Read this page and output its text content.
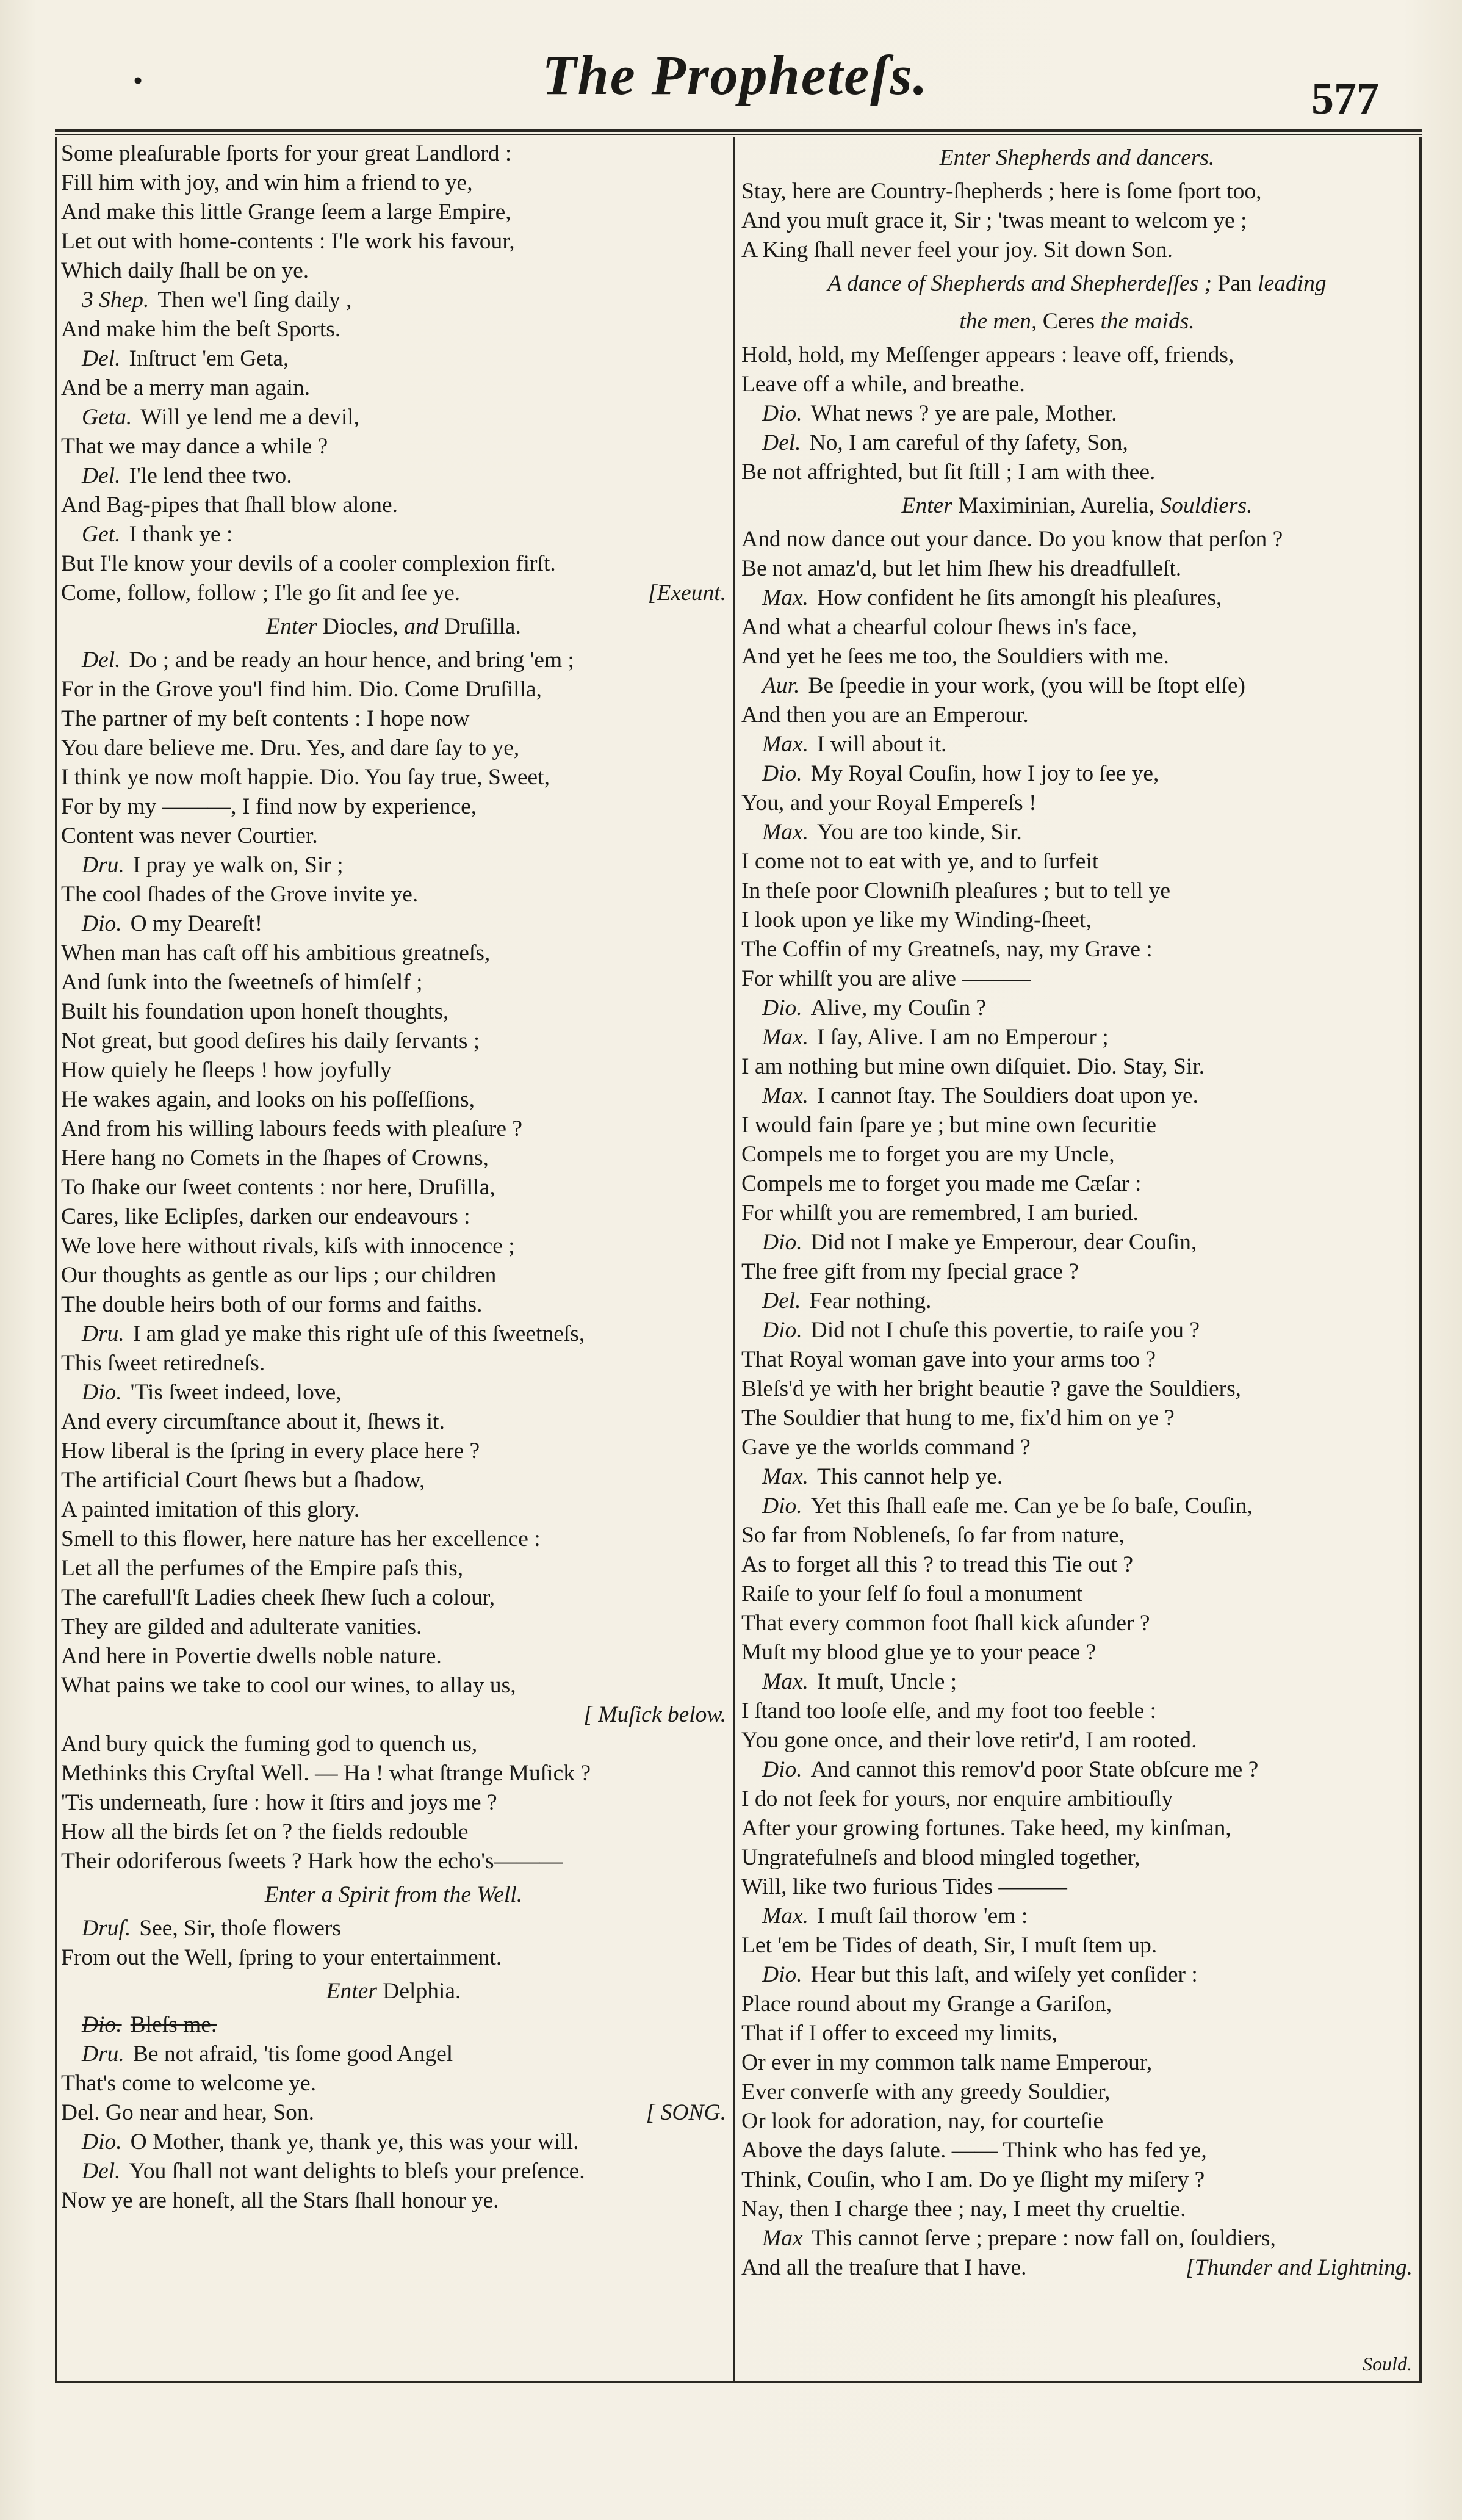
The Propheteſs.	577
•
Some pleaſurable ſports for your great Landlord :
Fill him with joy, and win him a friend to ye,
And make this little Grange ſeem a large Empire,
Let out with home-contents : I'le work his favour,
Which daily ſhall be on ye.
3 Shep. Then we'l ſing daily ,
And make him the beſt Sports.
Del. Inſtruct 'em Geta,
And be a merry man again.
Geta. Will ye lend me a devil,
That we may dance a while ?
Del. I'le lend thee two.
And Bag-pipes that ſhall blow alone.
Get. I thank ye :
But I'le know your devils of a cooler complexion firſt.
Come, follow, follow ; I'le go ſit and ſee ye.	[Exeunt.
Enter Diocles, and Druſilla.
Del. Do ; and be ready an hour hence, and bring 'em ;
For in the Grove you'l find him. Dio. Come Druſilla,
The partner of my beſt contents : I hope now
You dare believe me. Dru. Yes, and dare ſay to ye,
I think ye now moſt happie. Dio. You ſay true, Sweet,
For by my ———, I find now by experience,
Content was never Courtier.
Dru. I pray ye walk on, Sir ;
The cool ſhades of the Grove invite ye.
Dio. O my Deareſt!
When man has caſt off his ambitious greatneſs,
And ſunk into the ſweetneſs of himſelf ;
Built his foundation upon honeſt thoughts,
Not great, but good deſires his daily ſervants ;
How quiely he ſleeps ! how joyfully
He wakes again, and looks on his poſſeſſions,
And from his willing labours feeds with pleaſure ?
Here hang no Comets in the ſhapes of Crowns,
To ſhake our ſweet contents : nor here, Druſilla,
Cares, like Eclipſes, darken our endeavours :
We love here without rivals, kiſs with innocence ;
Our thoughts as gentle as our lips ; our children
The double heirs both of our forms and faiths.
Dru. I am glad ye make this right uſe of this ſweetneſs,
This ſweet retiredneſs.
Dio. 'Tis ſweet indeed, love,
And every circumſtance about it, ſhews it.
How liberal is the ſpring in every place here ?
The artificial Court ſhews but a ſhadow,
A painted imitation of this glory.
Smell to this flower, here nature has her excellence :
Let all the perfumes of the Empire paſs this,
The carefull'ſt Ladies cheek ſhew ſuch a colour,
They are gilded and adulterate vanities.
And here in Povertie dwells noble nature.
What pains we take to cool our wines, to allay us,
[ Muſick below.
And bury quick the fuming god to quench us,
Methinks this Cryſtal Well. — Ha ! what ſtrange Muſick ?
'Tis underneath, ſure : how it ſtirs and joys me ?
How all the birds ſet on ? the fields redouble
Their odoriferous ſweets ? Hark how the echo's———
Enter a Spirit from the Well.
Druſ. See, Sir, thoſe flowers
From out the Well, ſpring to your entertainment.
Enter Delphia.
Dio. Bleſs me.
Dru. Be not afraid, 'tis ſome good Angel
That's come to welcome ye.
Del. Go near and hear, Son.	[ SONG.
Dio. O Mother, thank ye, thank ye, this was your will.
Del. You ſhall not want delights to bleſs your preſence.
Now ye are honeſt, all the Stars ſhall honour ye.
Enter Shepherds and dancers.
Stay, here are Country-ſhepherds ; here is ſome ſport too,
And you muſt grace it, Sir ; 'twas meant to welcom ye ;
A King ſhall never feel your joy. Sit down Son.
A dance of Shepherds and Shepherdeſſes ; Pan leading
the men, Ceres the maids.
Hold, hold, my Meſſenger appears : leave off, friends,
Leave off a while, and breathe.
Dio. What news ? ye are pale, Mother.
Del. No, I am careful of thy ſafety, Son,
Be not affrighted, but ſit ſtill ; I am with thee.
Enter Maximinian, Aurelia, Souldiers.
And now dance out your dance. Do you know that perſon ?
Be not amaz'd, but let him ſhew his dreadfulleſt.
Max. How confident he ſits amongſt his pleaſures,
And what a chearful colour ſhews in's face,
And yet he ſees me too, the Souldiers with me.
Aur. Be ſpeedie in your work, (you will be ſtopt elſe)
And then you are an Emperour.
Max. I will about it.
Dio. My Royal Couſin, how I joy to ſee ye,
You, and your Royal Empereſs !
Max. You are too kinde, Sir.
I come not to eat with ye, and to ſurfeit
In theſe poor Clowniſh pleaſures ; but to tell ye
I look upon ye like my Winding-ſheet,
The Coffin of my Greatneſs, nay, my Grave :
For whilſt you are alive ———
Dio. Alive, my Couſin ?
Max. I ſay, Alive. I am no Emperour ;
I am nothing but mine own diſquiet. Dio. Stay, Sir.
Max. I cannot ſtay. The Souldiers doat upon ye.
I would fain ſpare ye ; but mine own ſecuritie
Compels me to forget you are my Uncle,
Compels me to forget you made me Cæſar :
For whilſt you are remembred, I am buried.
Dio. Did not I make ye Emperour, dear Couſin,
The free gift from my ſpecial grace ?
Del. Fear nothing.
Dio. Did not I chuſe this povertie, to raiſe you ?
That Royal woman gave into your arms too ?
Bleſs'd ye with her bright beautie ? gave the Souldiers,
The Souldier that hung to me, fix'd him on ye ?
Gave ye the worlds command ?
Max. This cannot help ye.
Dio. Yet this ſhall eaſe me. Can ye be ſo baſe, Couſin,
So far from Nobleneſs, ſo far from nature,
As to forget all this ? to tread this Tie out ?
Raiſe to your ſelf ſo foul a monument
That every common foot ſhall kick aſunder ?
Muſt my blood glue ye to your peace ?
Max. It muſt, Uncle ;
I ſtand too looſe elſe, and my foot too feeble :
You gone once, and their love retir'd, I am rooted.
Dio. And cannot this remov'd poor State obſcure me ?
I do not ſeek for yours, nor enquire ambitiouſly
After your growing fortunes. Take heed, my kinſman,
Ungratefulneſs and blood mingled together,
Will, like two furious Tides ———
Max. I muſt ſail thorow 'em :
Let 'em be Tides of death, Sir, I muſt ſtem up.
Dio. Hear but this laſt, and wiſely yet conſider :
Place round about my Grange a Gariſon,
That if I offer to exceed my limits,
Or ever in my common talk name Emperour,
Ever converſe with any greedy Souldier,
Or look for adoration, nay, for courteſie
Above the days ſalute. —— Think who has fed ye,
Think, Couſin, who I am. Do ye ſlight my miſery ?
Nay, then I charge thee ; nay, I meet thy crueltie.
Max This cannot ſerve ; prepare : now fall on, ſouldiers,
And all the treaſure that I have.	[Thunder and Lightning.
Sould.
